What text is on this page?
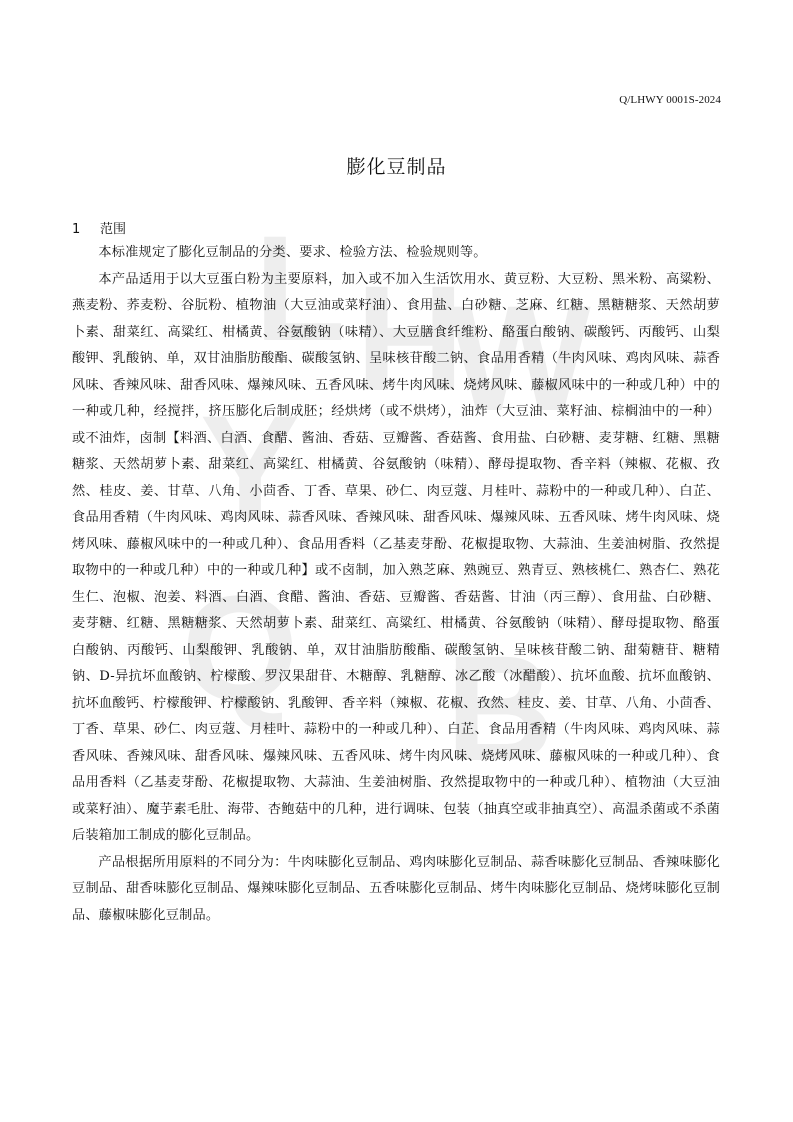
L H
W
Y
Q B
Q/LHWY 0001S-2024
膨化豆制品
1 范围

本标准规定了膨化豆制品的分类、要求、检验方法、检验规则等。

本产品适用于以大豆蛋白粉为主要原料，加入或不加入生活饮用水、黄豆粉、大豆粉、黑米粉、高粱粉、燕麦粉、荞麦粉、谷朊粉、植物油（大豆油或菜籽油）、食用盐、白砂糖、芝麻、红糖、黑糖糖浆、天然胡萝卜素、甜菜红、高粱红、柑橘黄、谷氨酸钠（味精）、大豆膳食纤维粉、酪蛋白酸钠、碳酸钙、丙酸钙、山梨酸钾、乳酸钠、单，双甘油脂肪酸酯、碳酸氢钠、呈味核苷酸二钠、食品用香精（牛肉风味、鸡肉风味、蒜香风味、香辣风味、甜香风味、爆辣风味、五香风味、烤牛肉风味、烧烤风味、藤椒风味中的一种或几种）中的一种或几种，经搅拌，挤压膨化后制成胚；经烘烤（或不烘烤），油炸（大豆油、菜籽油、棕榈油中的一种）或不油炸，卤制【料酒、白酒、食醋、酱油、香菇、豆瓣酱、香菇酱、食用盐、白砂糖、麦芽糖、红糖、黑糖糖浆、天然胡萝卜素、甜菜红、高粱红、柑橘黄、谷氨酸钠（味精）、酵母提取物、香辛料（辣椒、花椒、孜然、桂皮、姜、甘草、八角、小茴香、丁香、草果、砂仁、肉豆蔻、月桂叶、蒜粉中的一种或几种）、白芷、食品用香精（牛肉风味、鸡肉风味、蒜香风味、香辣风味、甜香风味、爆辣风味、五香风味、烤牛肉风味、烧烤风味、藤椒风味中的一种或几种）、食品用香料（乙基麦芽酚、花椒提取物、大蒜油、生姜油树脂、孜然提取物中的一种或几种）中的一种或几种】或不卤制，加入熟芝麻、熟豌豆、熟青豆、熟核桃仁、熟杏仁、熟花生仁、泡椒、泡姜、料酒、白酒、食醋、酱油、香菇、豆瓣酱、香菇酱、甘油（丙三醇）、食用盐、白砂糖、麦芽糖、红糖、黑糖糖浆、天然胡萝卜素、甜菜红、高粱红、柑橘黄、谷氨酸钠（味精）、酵母提取物、酪蛋白酸钠、丙酸钙、山梨酸钾、乳酸钠、单，双甘油脂肪酸酯、碳酸氢钠、呈味核苷酸二钠、甜菊糖苷、糖精钠、D-异抗坏血酸钠、柠檬酸、罗汉果甜苷、木糖醇、乳糖醇、冰乙酸（冰醋酸）、抗坏血酸、抗坏血酸钠、抗坏血酸钙、柠檬酸钾、柠檬酸钠、乳酸钾、香辛料（辣椒、花椒、孜然、桂皮、姜、甘草、八角、小茴香、丁香、草果、砂仁、肉豆蔻、月桂叶、蒜粉中的一种或几种）、白芷、食品用香精（牛肉风味、鸡肉风味、蒜香风味、香辣风味、甜香风味、爆辣风味、五香风味、烤牛肉风味、烧烤风味、藤椒风味的一种或几种）、食品用香料（乙基麦芽酚、花椒提取物、大蒜油、生姜油树脂、孜然提取物中的一种或几种）、植物油（大豆油或菜籽油）、魔芋素毛肚、海带、杏鲍菇中的几种，进行调味、包装（抽真空或非抽真空）、高温杀菌或不杀菌后装箱加工制成的膨化豆制品。

产品根据所用原料的不同分为：牛肉味膨化豆制品、鸡肉味膨化豆制品、蒜香味膨化豆制品、香辣味膨化豆制品、甜香味膨化豆制品、爆辣味膨化豆制品、五香味膨化豆制品、烤牛肉味膨化豆制品、烧烤味膨化豆制品、藤椒味膨化豆制品。
